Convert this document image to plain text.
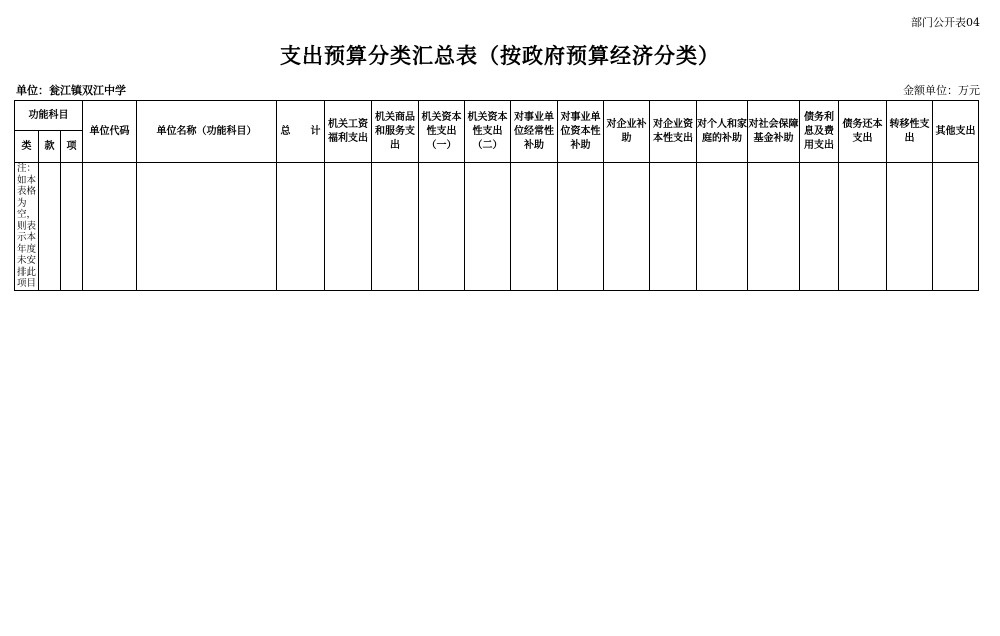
部门公开表04
支出预算分类汇总表（按政府预算经济分类）
单位：瓮江镇双江中学	金额单位：万元
功能科目			单位代码	单位名称（功能科目）	总　　计	机关工资福利支出	机关商品和服务支出	机关资本性支出（一）	机关资本性支出（二）	对事业单位经常性补助	对事业单位资本性补助	对企业补助	对企业资本性支出	对个人和家庭的补助	对社会保障基金补助	债务利息及费用支出	债务还本支出	转移性支出	其他支出
类	款	项																	
注：如本表格为空，则表示本年度未安排此项目																			
